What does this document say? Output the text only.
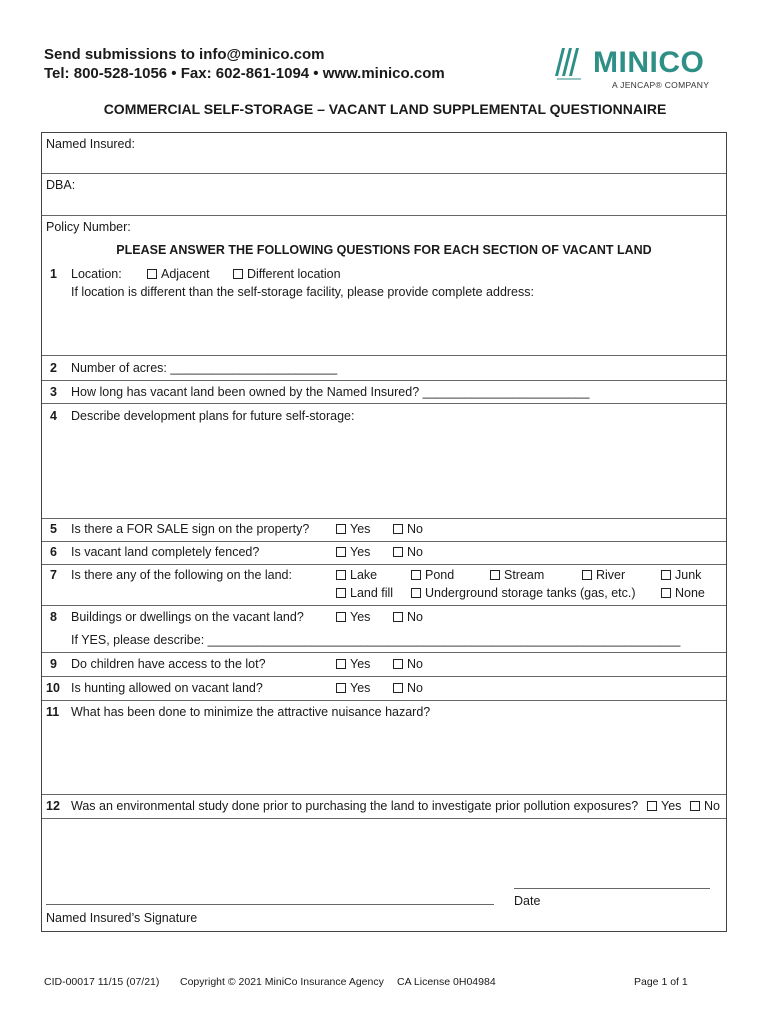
Send submissions to info@minico.com
Tel: 800-528-1056 • Fax: 602-861-1094 • www.minico.com	MINICO
A JENCAP® COMPANY
COMMERCIAL SELF-STORAGE – VACANT LAND SUPPLEMENTAL QUESTIONNAIRE
Named Insured:
DBA:
Policy Number:
PLEASE ANSWER THE FOLLOWING QUESTIONS FOR EACH SECTION OF VACANT LAND
1 Location:	Adjacent	Different location
If location is different than the self-storage facility, please provide complete address:
2 Number of acres: ________________________
3 How long has vacant land been owned by the Named Insured? ________________________
4 Describe development plans for future self-storage:
5 Is there a FOR SALE sign on the property?	Yes	No
6 Is vacant land completely fenced?	Yes	No
7 Is there any of the following on the land:	Lake	Pond	Stream	River	Junk
Land fill	Underground storage tanks (gas, etc.)	None
8 Buildings or dwellings on the vacant land?	Yes	No
If YES, please describe: ____________________________________________________________________
9 Do children have access to the lot?	Yes	No
10 Is hunting allowed on vacant land?	Yes	No
11 What has been done to minimize the attractive nuisance hazard?
12 Was an environmental study done prior to purchasing the land to investigate prior pollution exposures?	Yes	No
Named Insured’s Signature
Date
CID-00017 11/15 (07/21) Copyright © 2021 MiniCo Insurance Agency CA License 0H04984	Page 1 of 1
